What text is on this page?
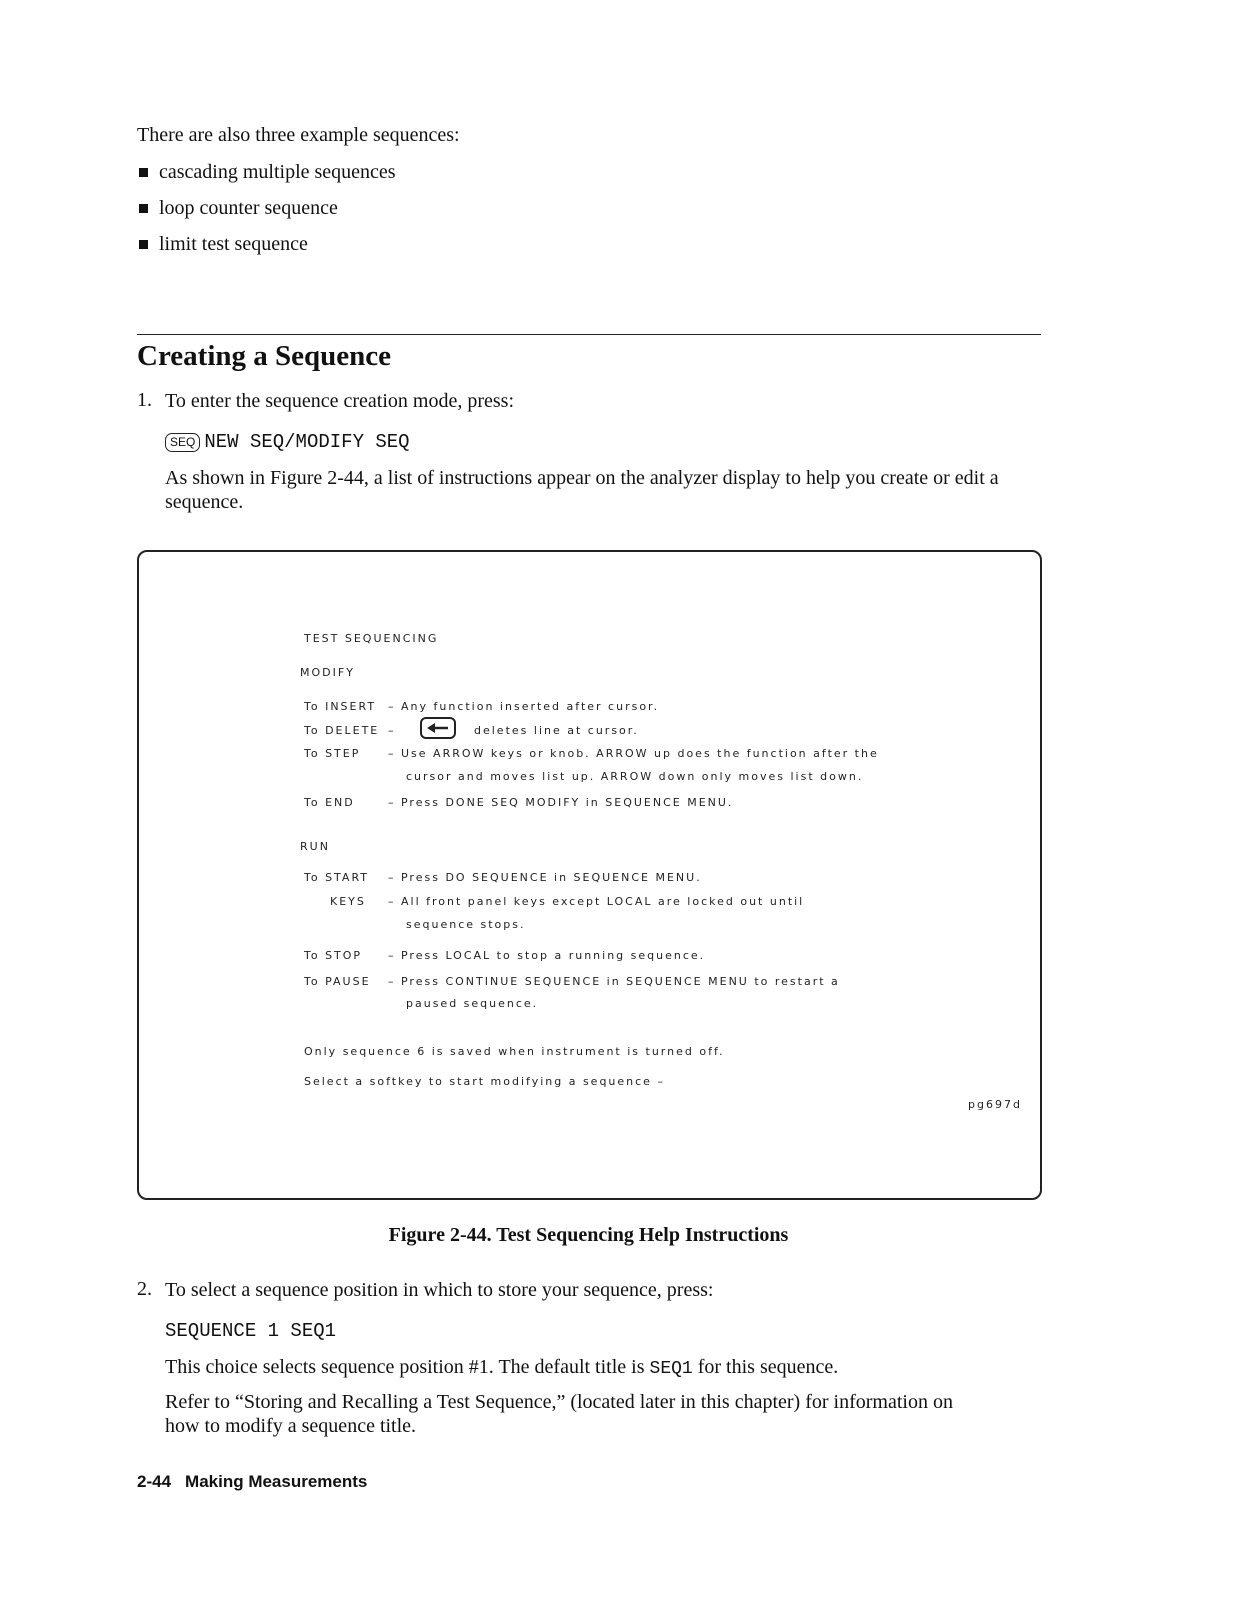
There are also three example sequences:
cascading multiple sequences
loop counter sequence
limit test sequence
Creating a Sequence
1. To enter the sequence creation mode, press:
SEQ NEW SEQ/MODIFY SEQ
As shown in Figure 2-44, a list of instructions appear on the analyzer display to help you create or edit a sequence.
TEST SEQUENCING
MODIFY
To INSERT – Any function inserted after cursor.
To DELETE –	deletes line at cursor.
To STEP	– Use ARROW keys or knob. ARROW up does the function after the
cursor and moves list up. ARROW down only moves list down.
To END	– Press DONE SEQ MODIFY in SEQUENCE MENU.
RUN
To START – Press DO SEQUENCE in SEQUENCE MENU.
KEYS – All front panel keys except LOCAL are locked out until
sequence stops.
To STOP – Press LOCAL to stop a running sequence.
To PAUSE – Press CONTINUE SEQUENCE in SEQUENCE MENU to restart a
paused sequence.
Only sequence 6 is saved when instrument is turned off.
Select a softkey to start modifying a sequence –
pg697d
Figure 2-44. Test Sequencing Help Instructions
2. To select a sequence position in which to store your sequence, press:
SEQUENCE 1 SEQ1
This choice selects sequence position #1. The default title is SEQ1 for this sequence.
Refer to “Storing and Recalling a Test Sequence,” (located later in this chapter) for information on how to modify a sequence title.
2-44 Making Measurements
